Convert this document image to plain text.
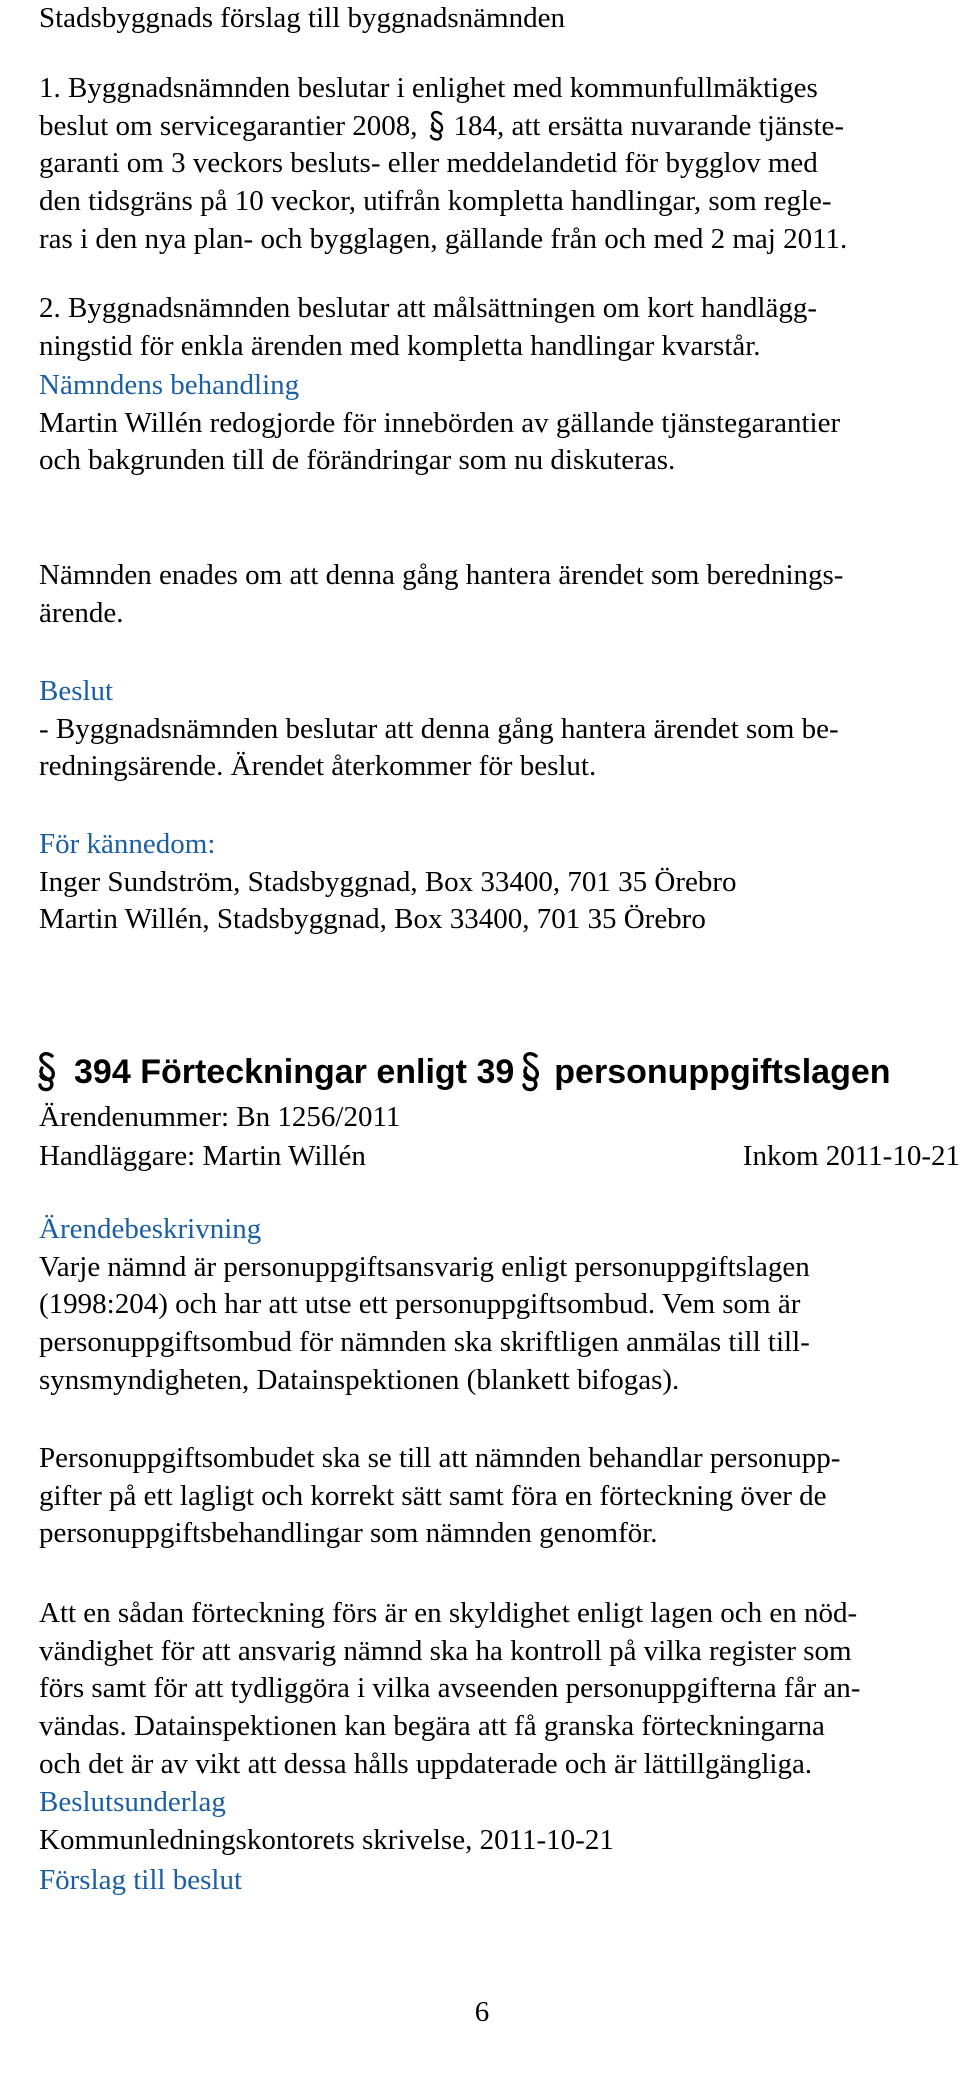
Stadsbyggnads förslag till byggnadsnämnden
1. Byggnadsnämnden beslutar i enlighet med kommunfullmäktiges
beslut om servicegarantier 2008, 184, att ersätta nuvarande tjänste-
garanti om 3 veckors besluts- eller meddelandetid för bygglov med
den tidsgräns på 10 veckor, utifrån kompletta handlingar, som regle-
ras i den nya plan- och bygglagen, gällande från och med 2 maj 2011.
2. Byggnadsnämnden beslutar att målsättningen om kort handlägg-
ningstid för enkla ärenden med kompletta handlingar kvarstår.
Nämndens behandling
Martin Willén redogjorde för innebörden av gällande tjänstegarantier
och bakgrunden till de förändringar som nu diskuteras.
Nämnden enades om att denna gång hantera ärendet som berednings-
ärende.
Beslut
- Byggnadsnämnden beslutar att denna gång hantera ärendet som be-
redningsärende. Ärendet återkommer för beslut.
För kännedom:
Inger Sundström, Stadsbyggnad, Box 33400, 701 35 Örebro
Martin Willén, Stadsbyggnad, Box 33400, 701 35 Örebro
394 Förteckningar enligt 39 personuppgiftslagen
Ärendenummer: Bn 1256/2011
Handläggare: Martin Willén	Inkom 2011-10-21
Ärendebeskrivning
Varje nämnd är personuppgiftsansvarig enligt personuppgiftslagen
(1998:204) och har att utse ett personuppgiftsombud. Vem som är
personuppgiftsombud för nämnden ska skriftligen anmälas till till-
synsmyndigheten, Datainspektionen (blankett bifogas).
Personuppgiftsombudet ska se till att nämnden behandlar personupp-
gifter på ett lagligt och korrekt sätt samt föra en förteckning över de
personuppgiftsbehandlingar som nämnden genomför.
Att en sådan förteckning förs är en skyldighet enligt lagen och en nöd-
vändighet för att ansvarig nämnd ska ha kontroll på vilka register som
förs samt för att tydliggöra i vilka avseenden personuppgifterna får an-
vändas. Datainspektionen kan begära att få granska förteckningarna
och det är av vikt att dessa hålls uppdaterade och är lättillgängliga.
Beslutsunderlag
Kommunledningskontorets skrivelse, 2011-10-21
Förslag till beslut
6
